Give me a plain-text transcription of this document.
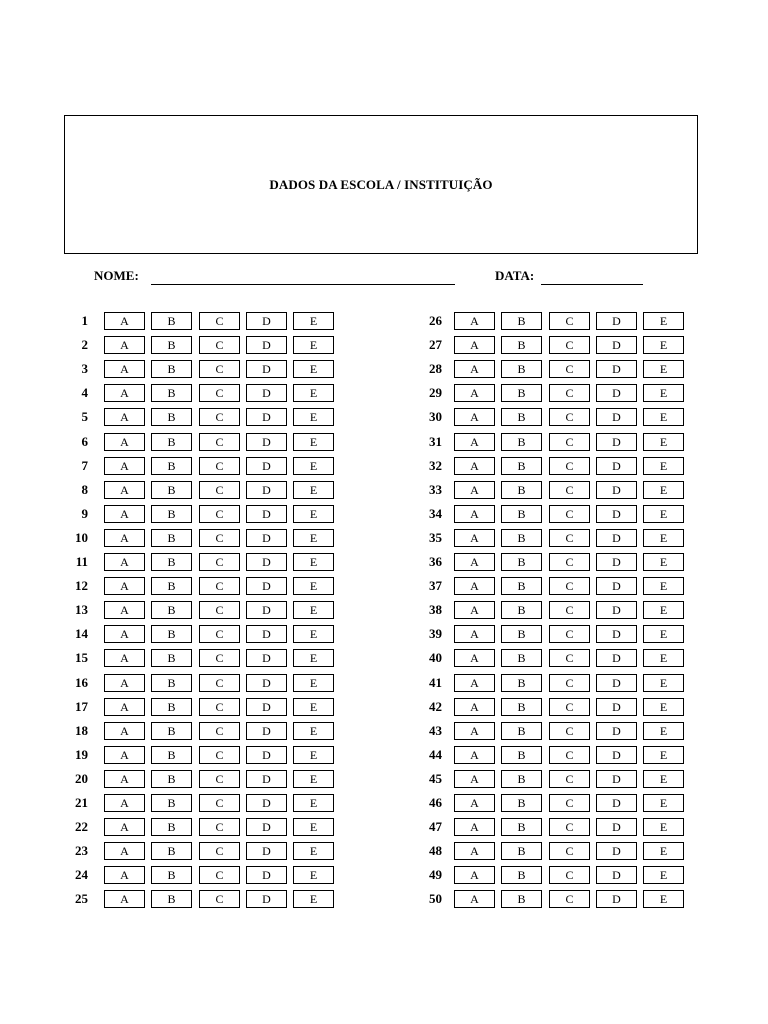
DADOS DA ESCOLA / INSTITUIÇÃO
NOME:	DATA:
1	A	B	C	D	E
2	A	B	C	D	E
3	A	B	C	D	E
4	A	B	C	D	E
5	A	B	C	D	E
6	A	B	C	D	E
7	A	B	C	D	E
8	A	B	C	D	E
9	A	B	C	D	E
10	A	B	C	D	E
11	A	B	C	D	E
12	A	B	C	D	E
13	A	B	C	D	E
14	A	B	C	D	E
15	A	B	C	D	E
16	A	B	C	D	E
17	A	B	C	D	E
18	A	B	C	D	E
19	A	B	C	D	E
20	A	B	C	D	E
21	A	B	C	D	E
22	A	B	C	D	E
23	A	B	C	D	E
24	A	B	C	D	E
25	A	B	C	D	E
26	A	B	C	D	E
27	A	B	C	D	E
28	A	B	C	D	E
29	A	B	C	D	E
30	A	B	C	D	E
31	A	B	C	D	E
32	A	B	C	D	E
33	A	B	C	D	E
34	A	B	C	D	E
35	A	B	C	D	E
36	A	B	C	D	E
37	A	B	C	D	E
38	A	B	C	D	E
39	A	B	C	D	E
40	A	B	C	D	E
41	A	B	C	D	E
42	A	B	C	D	E
43	A	B	C	D	E
44	A	B	C	D	E
45	A	B	C	D	E
46	A	B	C	D	E
47	A	B	C	D	E
48	A	B	C	D	E
49	A	B	C	D	E
50	A	B	C	D	E
